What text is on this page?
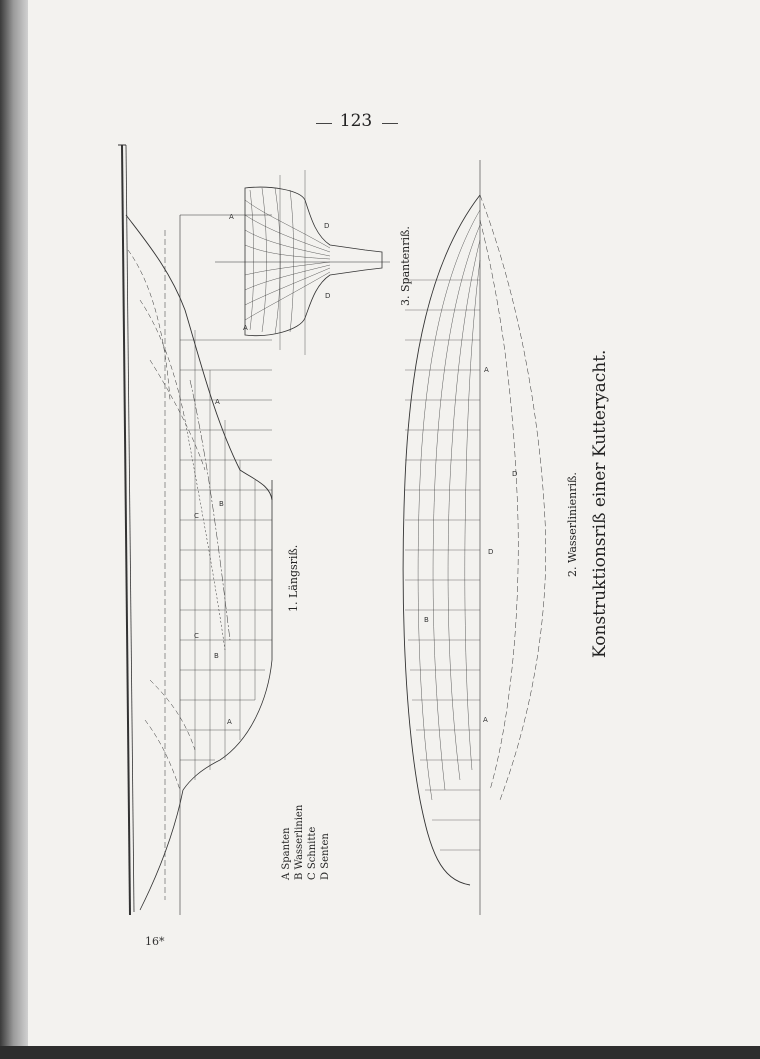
123
A
B
C
B
C
A
A
A
D
D
A
B
D
D
A
1. Längsriß.
2. Wasserlinienriß.
3. Spantenriß.
Konstruktionsriß einer Kutteryacht.
A Spanten
B Wasserlinien
C Schnitte
D Senten
16*
